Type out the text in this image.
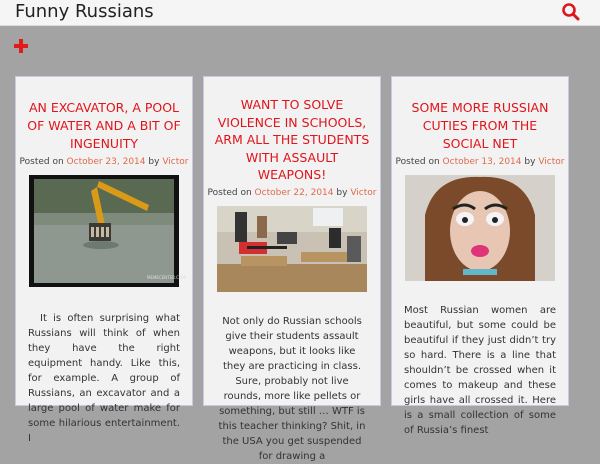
Funny Russians
AN EXCAVATOR, A POOL OF WATER AND A BIT OF INGENUITY
Posted on October 23, 2014 by Victor
MEMECENTER.COM

It is often surprising what Russians will think of when they have the right equipment handy. Like this, for example. A group of Russians, an excavator and a large pool of water make for some hilarious entertainment. I

WANT TO SOLVE VIOLENCE IN SCHOOLS, ARM ALL THE STUDENTS WITH ASSAULT WEAPONS!
Posted on October 22, 2014 by Victor

Not only do Russian schools give their students assault weapons, but it looks like they are practicing in class. Sure, probably not live rounds, more like pellets or something, but still … WTF is this teacher thinking? Shit, in the USA you get suspended for drawing a

SOME MORE RUSSIAN CUTIES FROM THE SOCIAL NET
Posted on October 13, 2014 by Victor

Most Russian women are beautiful, but some could be beautiful if they just didn’t try so hard. There is a line that shouldn’t be crossed when it comes to makeup and these girls have all crossed it. Here is a small collection of some of Russia’s finest
